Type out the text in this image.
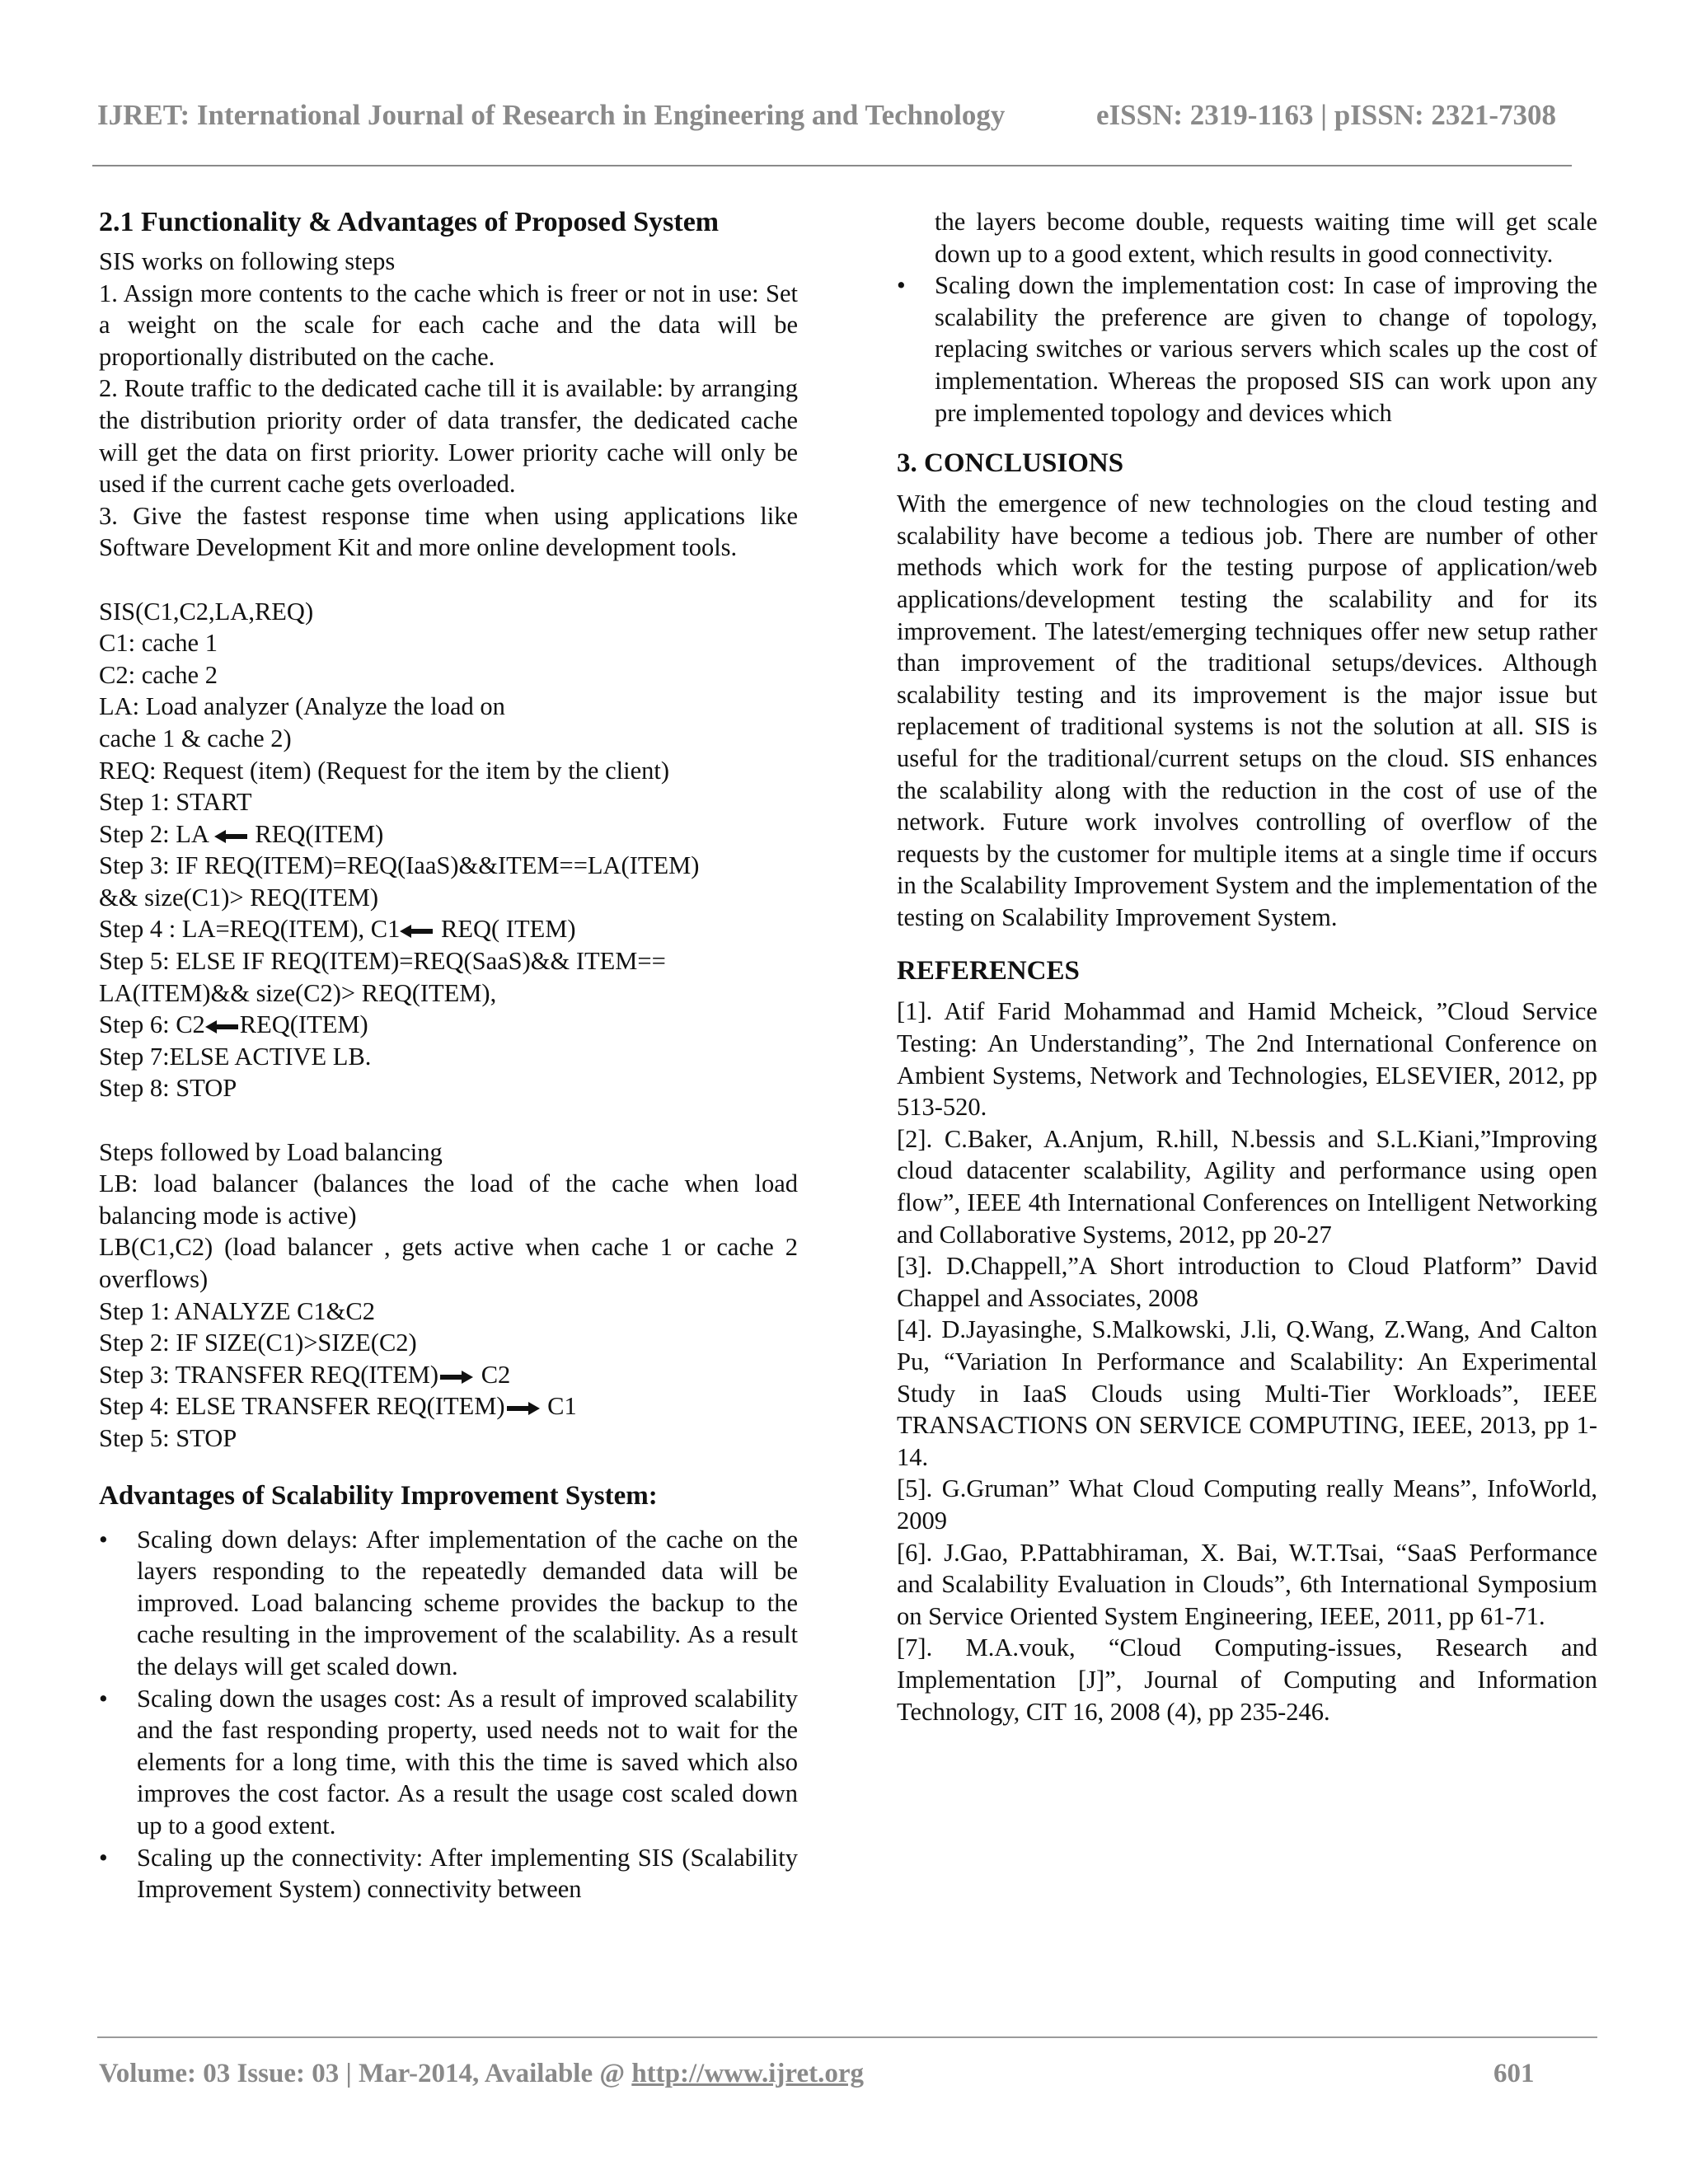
IJRET: International Journal of Research in Engineering and Technology	eISSN: 2319-1163 | pISSN: 2321-7308
2.1 Functionality & Advantages of Proposed System

SIS works on following steps

1. Assign more contents to the cache which is freer or not in use: Set a weight on the scale for each cache and the data will be proportionally distributed on the cache.

2. Route traffic to the dedicated cache till it is available: by arranging the distribution priority order of data transfer, the dedicated cache will get the data on first priority. Lower priority cache will only be used if the current cache gets overloaded.

3. Give the fastest response time when using applications like Software Development Kit and more online development tools.

SIS(C1,C2,LA,REQ)
C1: cache 1
C2: cache 2
LA: Load analyzer (Analyze the load on
cache 1 & cache 2)
REQ: Request (item) (Request for the item by the client)
Step 1: START
Step 2: LA REQ(ITEM)
Step 3: IF REQ(ITEM)=REQ(IaaS)&&ITEM==LA(ITEM)
&& size(C1)> REQ(ITEM)
Step 4 : LA=REQ(ITEM), C1 REQ( ITEM)
Step 5: ELSE IF REQ(ITEM)=REQ(SaaS)&& ITEM==
LA(ITEM)&& size(C2)> REQ(ITEM),
Step 6: C2 REQ(ITEM)
Step 7:ELSE ACTIVE LB.
Step 8: STOP
Steps followed by Load balancing

LB: load balancer (balances the load of the cache when load balancing mode is active)

LB(C1,C2) (load balancer , gets active when cache 1 or cache 2 overflows)

Step 1: ANALYZE C1&C2
Step 2: IF SIZE(C1)>SIZE(C2)
Step 3: TRANSFER REQ(ITEM) C2
Step 4: ELSE TRANSFER REQ(ITEM) C1
Step 5: STOP
Advantages of Scalability Improvement System:
• Scaling down delays: After implementation of the cache on the layers responding to the repeatedly demanded data will be improved. Load balancing scheme provides the backup to the cache resulting in the improvement of the scalability. As a result the delays will get scaled down.
• Scaling down the usages cost: As a result of improved scalability and the fast responding property, used needs not to wait for the elements for a long time, with this the time is saved which also improves the cost factor. As a result the usage cost scaled down up to a good extent.
• Scaling up the connectivity: After implementing SIS (Scalability Improvement System) connectivity between

the layers become double, requests waiting time will get scale down up to a good extent, which results in good connectivity.

• Scaling down the implementation cost: In case of improving the scalability the preference are given to change of topology, replacing switches or various servers which scales up the cost of implementation. Whereas the proposed SIS can work upon any pre implemented topology and devices which
3. CONCLUSIONS

With the emergence of new technologies on the cloud testing and scalability have become a tedious job. There are number of other methods which work for the testing purpose of application/web applications/development testing the scalability and for its improvement. The latest/emerging techniques offer new setup rather than improvement of the traditional setups/devices. Although scalability testing and its improvement is the major issue but replacement of traditional systems is not the solution at all. SIS is useful for the traditional/current setups on the cloud. SIS enhances the scalability along with the reduction in the cost of use of the network. Future work involves controlling of overflow of the requests by the customer for multiple items at a single time if occurs in the Scalability Improvement System and the implementation of the testing on Scalability Improvement System.

REFERENCES

[1]. Atif Farid Mohammad and Hamid Mcheick, ”Cloud Service Testing: An Understanding”, The 2nd International Conference on Ambient Systems, Network and Technologies, ELSEVIER, 2012, pp 513-520.

[2]. C.Baker, A.Anjum, R.hill, N.bessis and S.L.Kiani,”Improving cloud datacenter scalability, Agility and performance using open flow”, IEEE 4th International Conferences on Intelligent Networking and Collaborative Systems, 2012, pp 20-27

[3]. D.Chappell,”A Short introduction to Cloud Platform” David Chappel and Associates, 2008

[4]. D.Jayasinghe, S.Malkowski, J.li, Q.Wang, Z.Wang, And Calton Pu, “Variation In Performance and Scalability: An Experimental Study in IaaS Clouds using Multi-Tier Workloads”, IEEE TRANSACTIONS ON SERVICE COMPUTING, IEEE, 2013, pp 1-14.

[5]. G.Gruman” What Cloud Computing really Means”, InfoWorld, 2009

[6]. J.Gao, P.Pattabhiraman, X. Bai, W.T.Tsai, “SaaS Performance and Scalability Evaluation in Clouds”, 6th International Symposium on Service Oriented System Engineering, IEEE, 2011, pp 61-71.

[7]. M.A.vouk, “Cloud Computing-issues, Research and Implementation [J]”, Journal of Computing and Information Technology, CIT 16, 2008 (4), pp 235-246.

Volume: 03 Issue: 03 | Mar-2014, Available @ http://www.ijret.org	601
